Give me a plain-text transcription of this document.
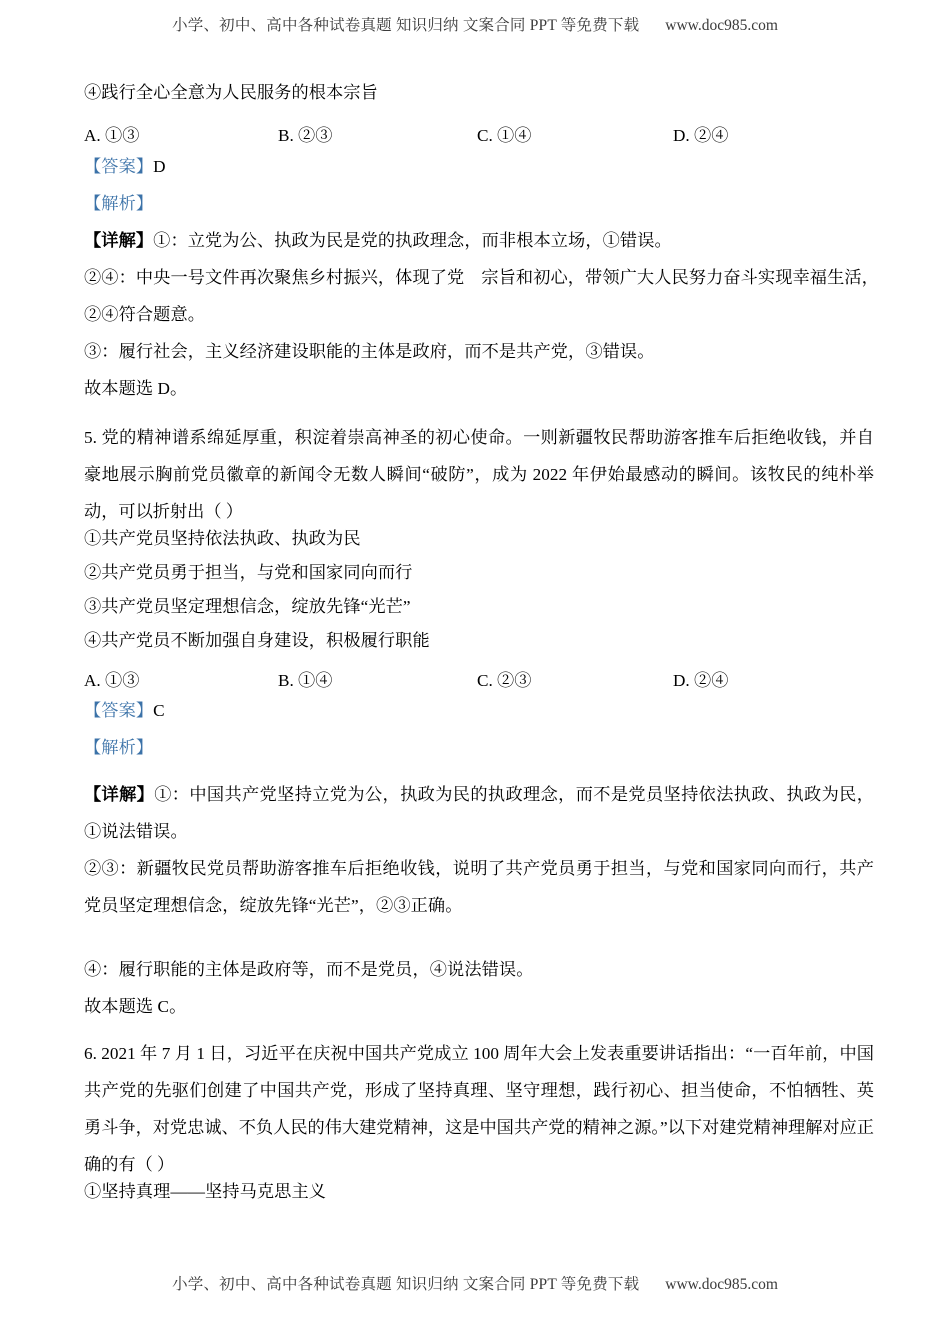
小学、初中、高中各种试卷真题 知识归纳 文案合同 PPT 等免费下载 www.doc985.com
④践行全心全意为人民服务的根本宗旨
A. ①③	B. ②③	C. ①④	D. ②④
【答案】D
【解析】
【详解】①：立党为公、执政为民是党的执政理念，而非根本立场，①错误。
②④：中央一号文件再次聚焦乡村振兴，体现了党 宗旨和初心，带领广大人民努力奋斗实现幸福生活，
②④符合题意。
③：履行社会，主义经济建设职能的主体是政府，而不是共产党，③错误。
故本题选 D。
5. 党的精神谱系绵延厚重，积淀着崇高神圣的初心使命。一则新疆牧民帮助游客推车后拒绝收钱，并自豪地展示胸前党员徽章的新闻令无数人瞬间“破防”，成为 2022 年伊始最感动的瞬间。该牧民的纯朴举动，可以折射出（ ）
①共产党员坚持依法执政、执政为民
②共产党员勇于担当，与党和国家同向而行
③共产党员坚定理想信念，绽放先锋“光芒”
④共产党员不断加强自身建设，积极履行职能
A. ①③	B. ①④	C. ②③	D. ②④
【答案】C
【解析】
【详解】①：中国共产党坚持立党为公，执政为民的执政理念，而不是党员坚持依法执政、执政为民，①说法错误。
②③：新疆牧民党员帮助游客推车后拒绝收钱，说明了共产党员勇于担当，与党和国家同向而行，共产党员坚定理想信念，绽放先锋“光芒”，②③正确。
④：履行职能的主体是政府等，而不是党员，④说法错误。
故本题选 C。
6. 2021 年 7 月 1 日，习近平在庆祝中国共产党成立 100 周年大会上发表重要讲话指出：“一百年前，中国共产党的先驱们创建了中国共产党，形成了坚持真理、坚守理想，践行初心、担当使命，不怕牺牲、英勇斗争，对党忠诚、不负人民的伟大建党精神，这是中国共产党的精神之源。”以下对建党精神理解对应正确的有（ ）
①坚持真理——坚持马克思主义
小学、初中、高中各种试卷真题 知识归纳 文案合同 PPT 等免费下载 www.doc985.com
